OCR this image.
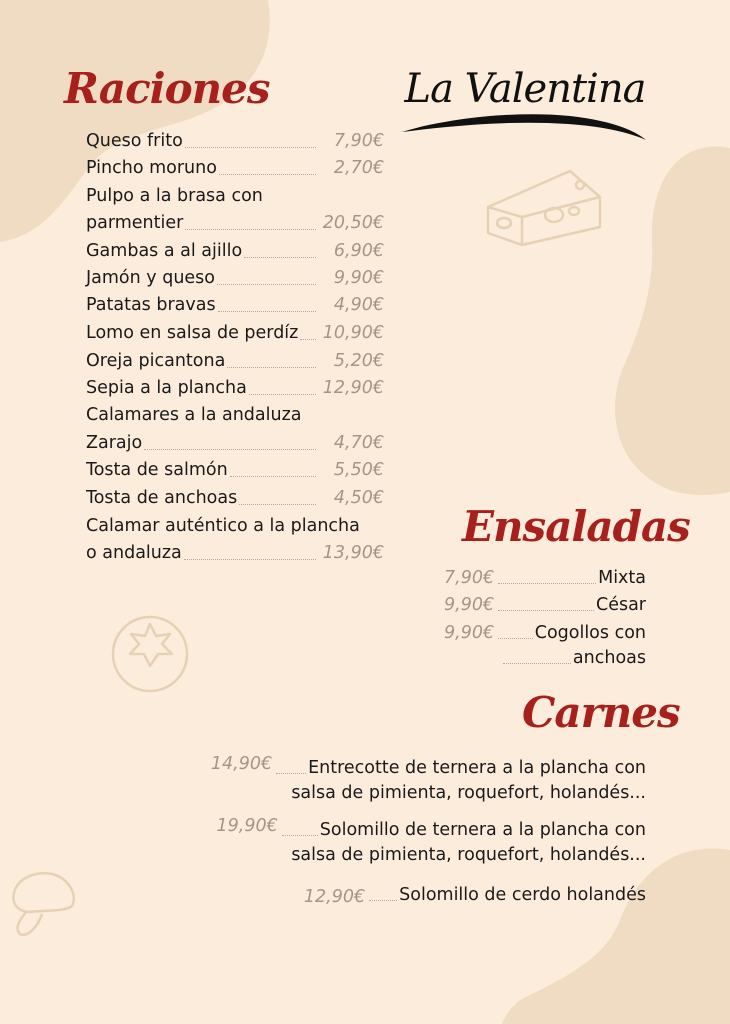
La Valentina
Raciones
Queso frito	7,90€
Pincho moruno	2,70€
Pulpo a la brasa con
parmentier	20,50€
Gambas a al ajillo	6,90€
Jamón y queso	9,90€
Patatas bravas	4,90€
Lomo en salsa de perdíz 10,90€
Oreja picantona	5,20€
Sepia a la plancha	12,90€
Calamares a la andaluza
Zarajo	4,70€
Tosta de salmón	5,50€
Tosta de anchoas	4,50€
Calamar auténtico a la plancha
o andaluza	13,90€
Ensaladas
7,90€	Mixta
9,90€	César
9,90€ Cogollos con
anchoas
Carnes
14,90€ Entrecotte de ternera a la plancha con
salsa de pimienta, roquefort, holandés...
19,90€ Solomillo de ternera a la plancha con
salsa de pimienta, roquefort, holandés...
12,90€ Solomillo de cerdo holandés
